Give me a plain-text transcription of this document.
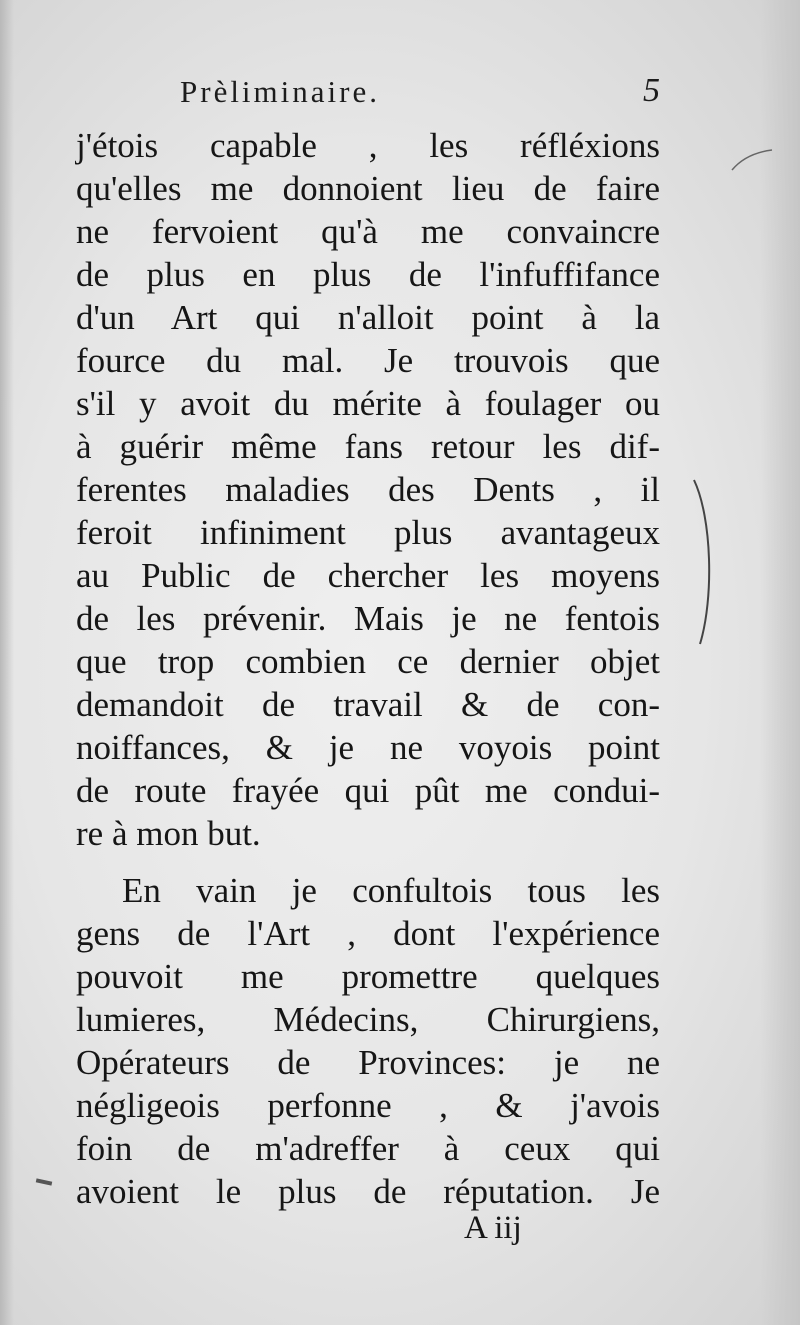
Prèliminaire.	5
j'étois capable , les réfléxions
qu'elles me donnoient lieu de faire
ne fervoient qu'à me convaincre
de plus en plus de l'infuffifance
d'un Art qui n'alloit point à la
fource du mal. Je trouvois que
s'il y avoit du mérite à foulager ou
à guérir même fans retour les dif-
ferentes maladies des Dents , il
feroit infiniment plus avantageux
au Public de chercher les moyens
de les prévenir. Mais je ne fentois
que trop combien ce dernier objet
demandoit de travail & de con-
noiffances, & je ne voyois point
de route frayée qui pût me condui-
re à mon but.
En vain je confultois tous les
gens de l'Art , dont l'expérience
pouvoit me promettre quelques
lumieres, Médecins, Chirurgiens,
Opérateurs de Provinces: je ne
négligeois perfonne , & j'avois
foin de m'adreffer à ceux qui
avoient le plus de réputation. Je
A iij
